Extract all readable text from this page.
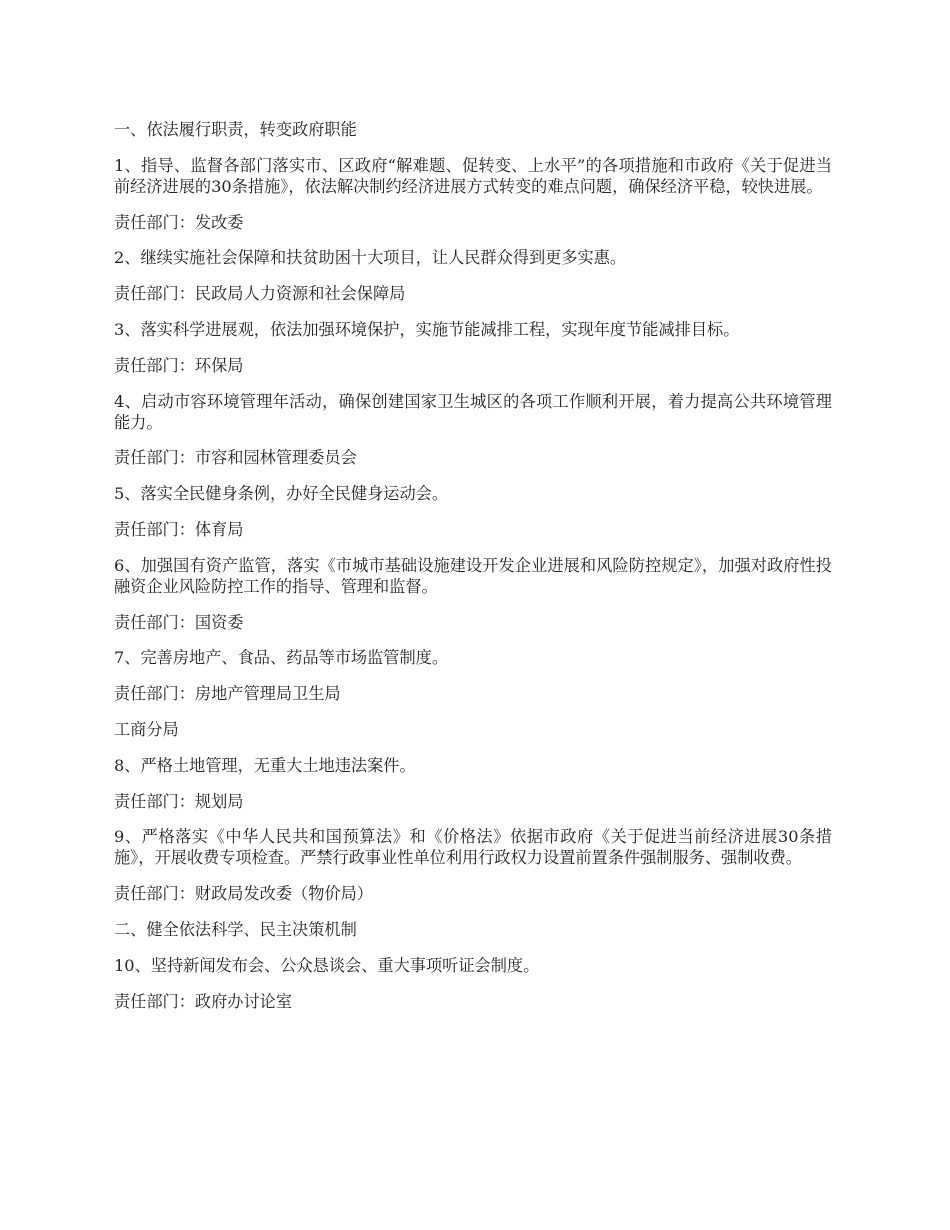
一、依法履行职责，转变政府职能

1、指导、监督各部门落实市、区政府“解难题、促转变、上水平”的各项措施和市政府《关于促进当前经济进展的30条措施》，依法解决制约经济进展方式转变的难点问题，确保经济平稳，较快进展。

责任部门：发改委

2、继续实施社会保障和扶贫助困十大项目，让人民群众得到更多实惠。

责任部门：民政局人力资源和社会保障局

3、落实科学进展观，依法加强环境保护，实施节能减排工程，实现年度节能减排目标。

责任部门：环保局

4、启动市容环境管理年活动，确保创建国家卫生城区的各项工作顺利开展，着力提高公共环境管理能力。

责任部门：市容和园林管理委员会

5、落实全民健身条例，办好全民健身运动会。

责任部门：体育局

6、加强国有资产监管，落实《市城市基础设施建设开发企业进展和风险防控规定》，加强对政府性投融资企业风险防控工作的指导、管理和监督。

责任部门：国资委

7、完善房地产、食品、药品等市场监管制度。

责任部门：房地产管理局卫生局

工商分局

8、严格土地管理，无重大土地违法案件。

责任部门：规划局

9、严格落实《中华人民共和国预算法》和《价格法》依据市政府《关于促进当前经济进展30条措施》，开展收费专项检查。严禁行政事业性单位利用行政权力设置前置条件强制服务、强制收费。

责任部门：财政局发改委（物价局）

二、健全依法科学、民主决策机制

10、坚持新闻发布会、公众恳谈会、重大事项听证会制度。

责任部门：政府办讨论室
